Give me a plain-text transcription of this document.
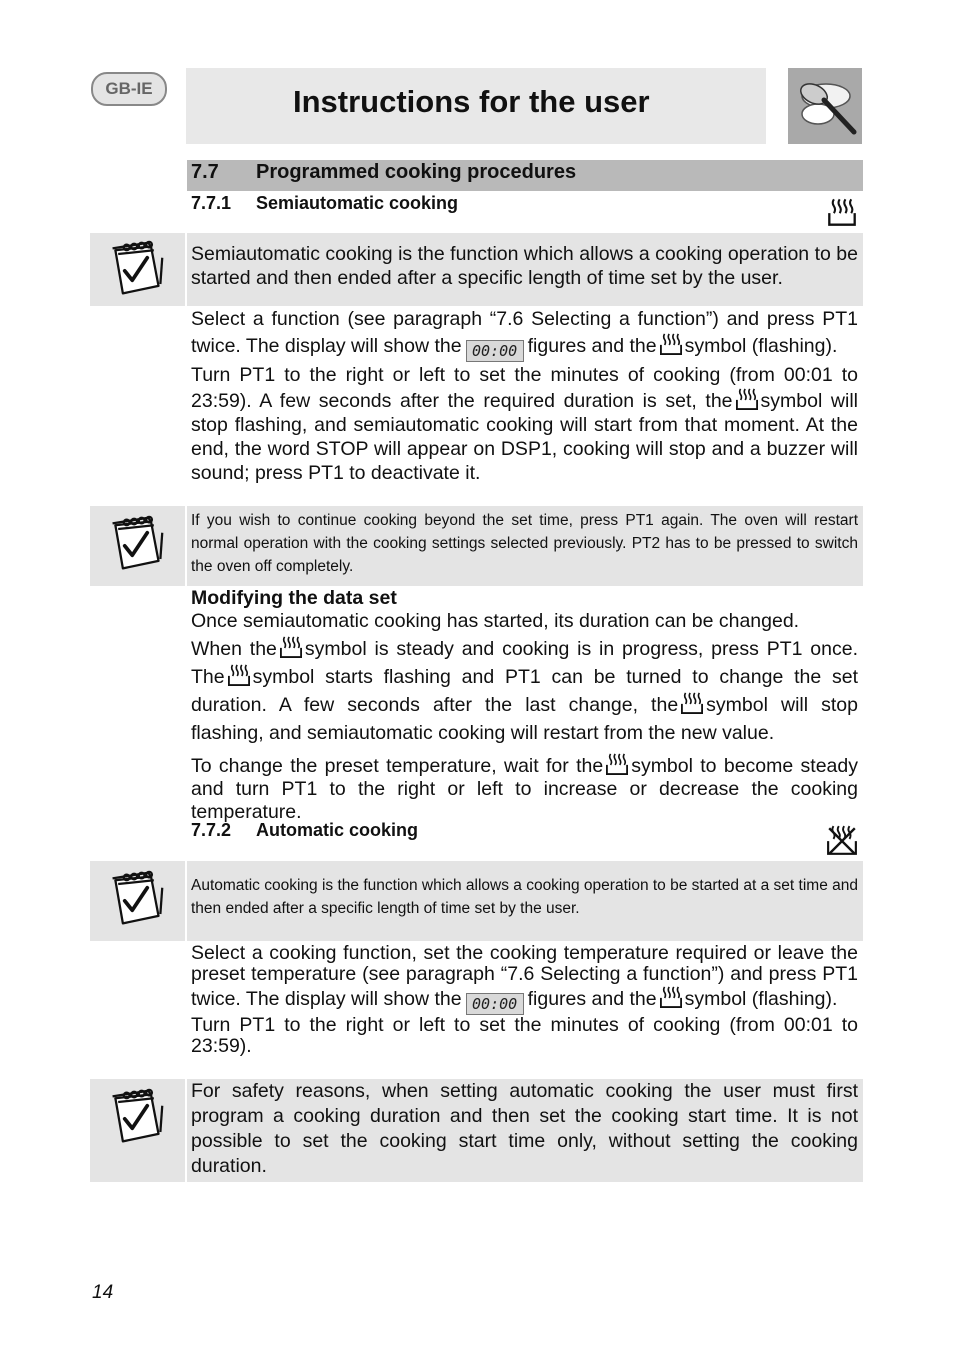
GB-IE	Instructions for the user
7.7 Programmed cooking procedures
7.7.1 Semiautomatic cooking
Semiautomatic cooking is the function which allows a cooking operation to be started and then ended after a specific length of time set by the user.

Select a function (see paragraph “7.6 Selecting a function”) and press PT1 twice. The display will show the 00:00 figures and the symbol (flashing).

Turn PT1 to the right or left to set the minutes of cooking (from 00:01 to 23:59). A few seconds after the required duration is set, the symbol will stop flashing, and semiautomatic cooking will start from that moment. At the end, the word STOP will appear on DSP1, cooking will stop and a buzzer will sound; press PT1 to deactivate it.

If you wish to continue cooking beyond the set time, press PT1 again. The oven will restart normal operation with the cooking settings selected previously. PT2 has to be pressed to switch the oven off completely.

Modifying the data set

Once semiautomatic cooking has started, its duration can be changed.

When the symbol is steady and cooking is in progress, press PT1 once. The symbol starts flashing and PT1 can be turned to change the set duration. A few seconds after the last change, the symbol will stop flashing, and semiautomatic cooking will restart from the new value.

To change the preset temperature, wait for the symbol to become steady and turn PT1 to the right or left to increase or decrease the cooking temperature.

7.7.2 Automatic cooking
Automatic cooking is the function which allows a cooking operation to be started at a set time and then ended after a specific length of time set by the user.

Select a cooking function, set the cooking temperature required or leave the preset temperature (see paragraph “7.6 Selecting a function”) and press PT1 twice. The display will show the 00:00 figures and the symbol (flashing).

Turn PT1 to the right or left to set the minutes of cooking (from 00:01 to 23:59).

For safety reasons, when setting automatic cooking the user must first program a cooking duration and then set the cooking start time. It is not possible to set the cooking start time only, without setting the cooking duration.
14
